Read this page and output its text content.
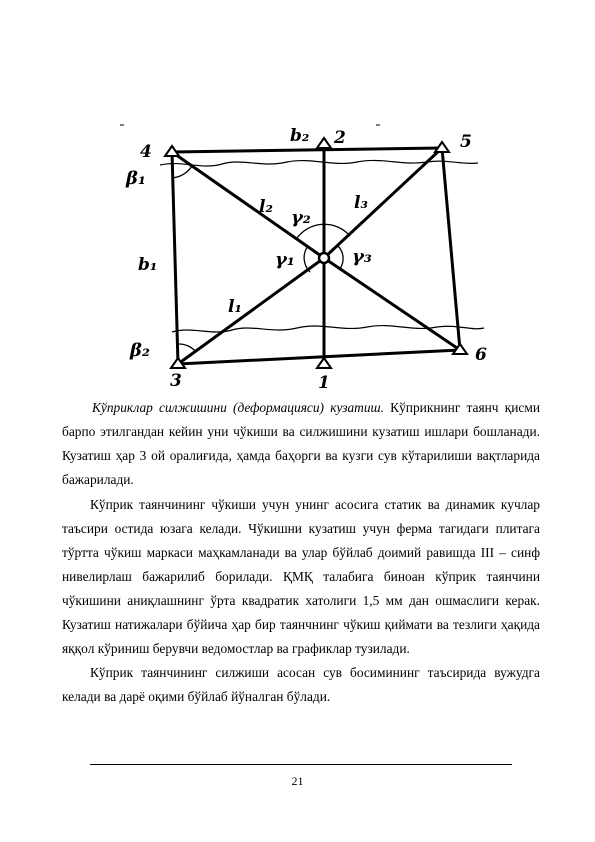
4
b₂ 2	5
β₁
l₂	l₃
γ₂
γ₁	γ₃
b₁
l₁
β₂
3	1
6
Кўприклар силжишини (деформацияси) кузатиш. Кўприкнинг таянч қисми барпо этилгандан кейин уни чўкиши ва силжишини кузатиш ишлари бошланади. Кузатиш ҳар 3 ой оралиғида, ҳамда баҳорги ва кузги сув кўтарилиши вақтларида бажарилади.
Кўприк таянчининг чўкиши учун унинг асосига статик ва динамик кучлар таъсири остида юзага келади. Чўкишни кузатиш учун ферма тагидаги плитага тўртта чўкиш маркаси маҳкамланади ва улар бўйлаб доимий равишда III – синф нивелирлаш бажарилиб борилади. ҚМҚ талабига биноан кўприк таянчини чўкишини аниқлашнинг ўрта квадратик хатолиги 1,5 мм дан ошмаслиги керак. Кузатиш натижалари бўйича ҳар бир таянчнинг чўкиш қиймати ва тезлиги ҳақида яққол кўриниш берувчи ведомостлар ва графиклар тузилади.
Кўприк таянчининг силжиши асосан сув босимининг таъсирида вужудга келади ва дарё оқими бўйлаб йўналган бўлади.
21
